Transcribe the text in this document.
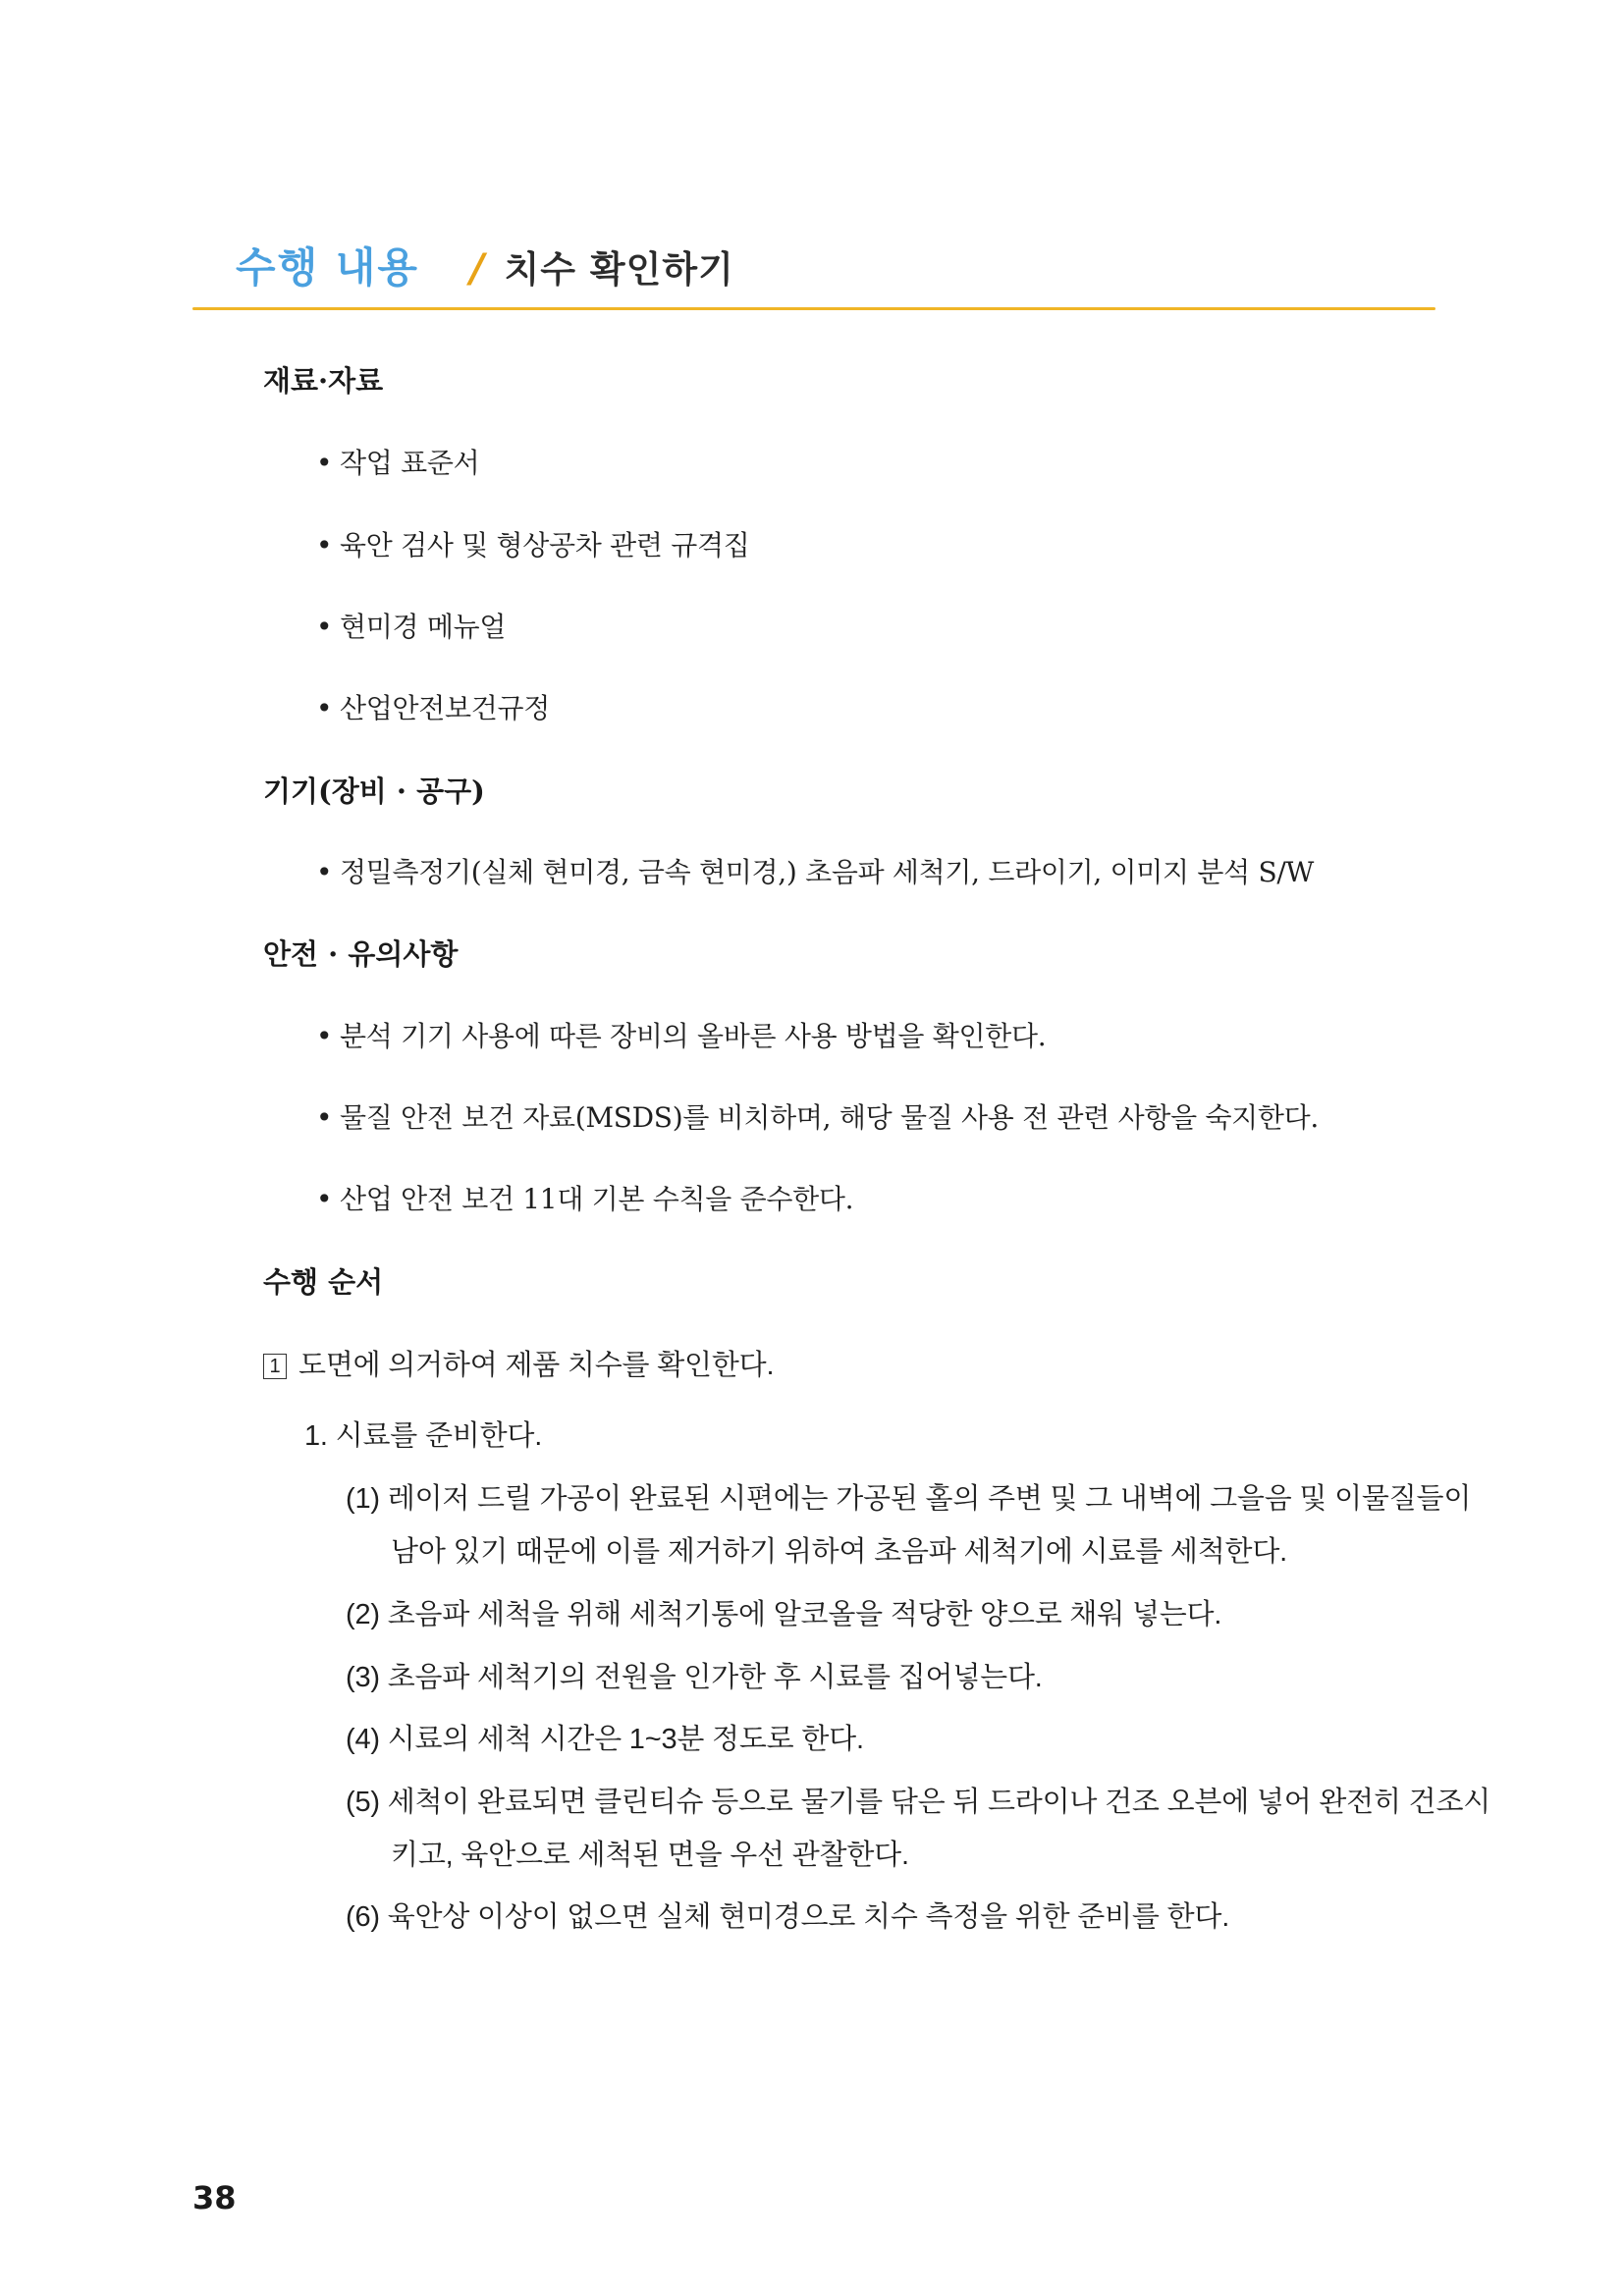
수행 내용 / 치수 확인하기
재료·자료
• 작업 표준서
• 육안 검사 및 형상공차 관련 규격집
• 현미경 메뉴얼
• 산업안전보건규정
기기(장비 · 공구)
• 정밀측정기(실체 현미경, 금속 현미경,) 초음파 세척기, 드라이기, 이미지 분석 S/W
안전 · 유의사항
• 분석 기기 사용에 따른 장비의 올바른 사용 방법을 확인한다.
• 물질 안전 보건 자료(MSDS)를 비치하며, 해당 물질 사용 전 관련 사항을 숙지한다.
• 산업 안전 보건 11대 기본 수칙을 준수한다.
수행 순서
1 도면에 의거하여 제품 치수를 확인한다.
1. 시료를 준비한다.
(1) 레이저 드릴 가공이 완료된 시편에는 가공된 홀의 주변 및 그 내벽에 그을음 및 이물질들이
남아 있기 때문에 이를 제거하기 위하여 초음파 세척기에 시료를 세척한다.
(2) 초음파 세척을 위해 세척기통에 알코올을 적당한 양으로 채워 넣는다.
(3) 초음파 세척기의 전원을 인가한 후 시료를 집어넣는다.
(4) 시료의 세척 시간은 1~3분 정도로 한다.
(5) 세척이 완료되면 클린티슈 등으로 물기를 닦은 뒤 드라이나 건조 오븐에 넣어 완전히 건조시
키고, 육안으로 세척된 면을 우선 관찰한다.
(6) 육안상 이상이 없으면 실체 현미경으로 치수 측정을 위한 준비를 한다.
38
